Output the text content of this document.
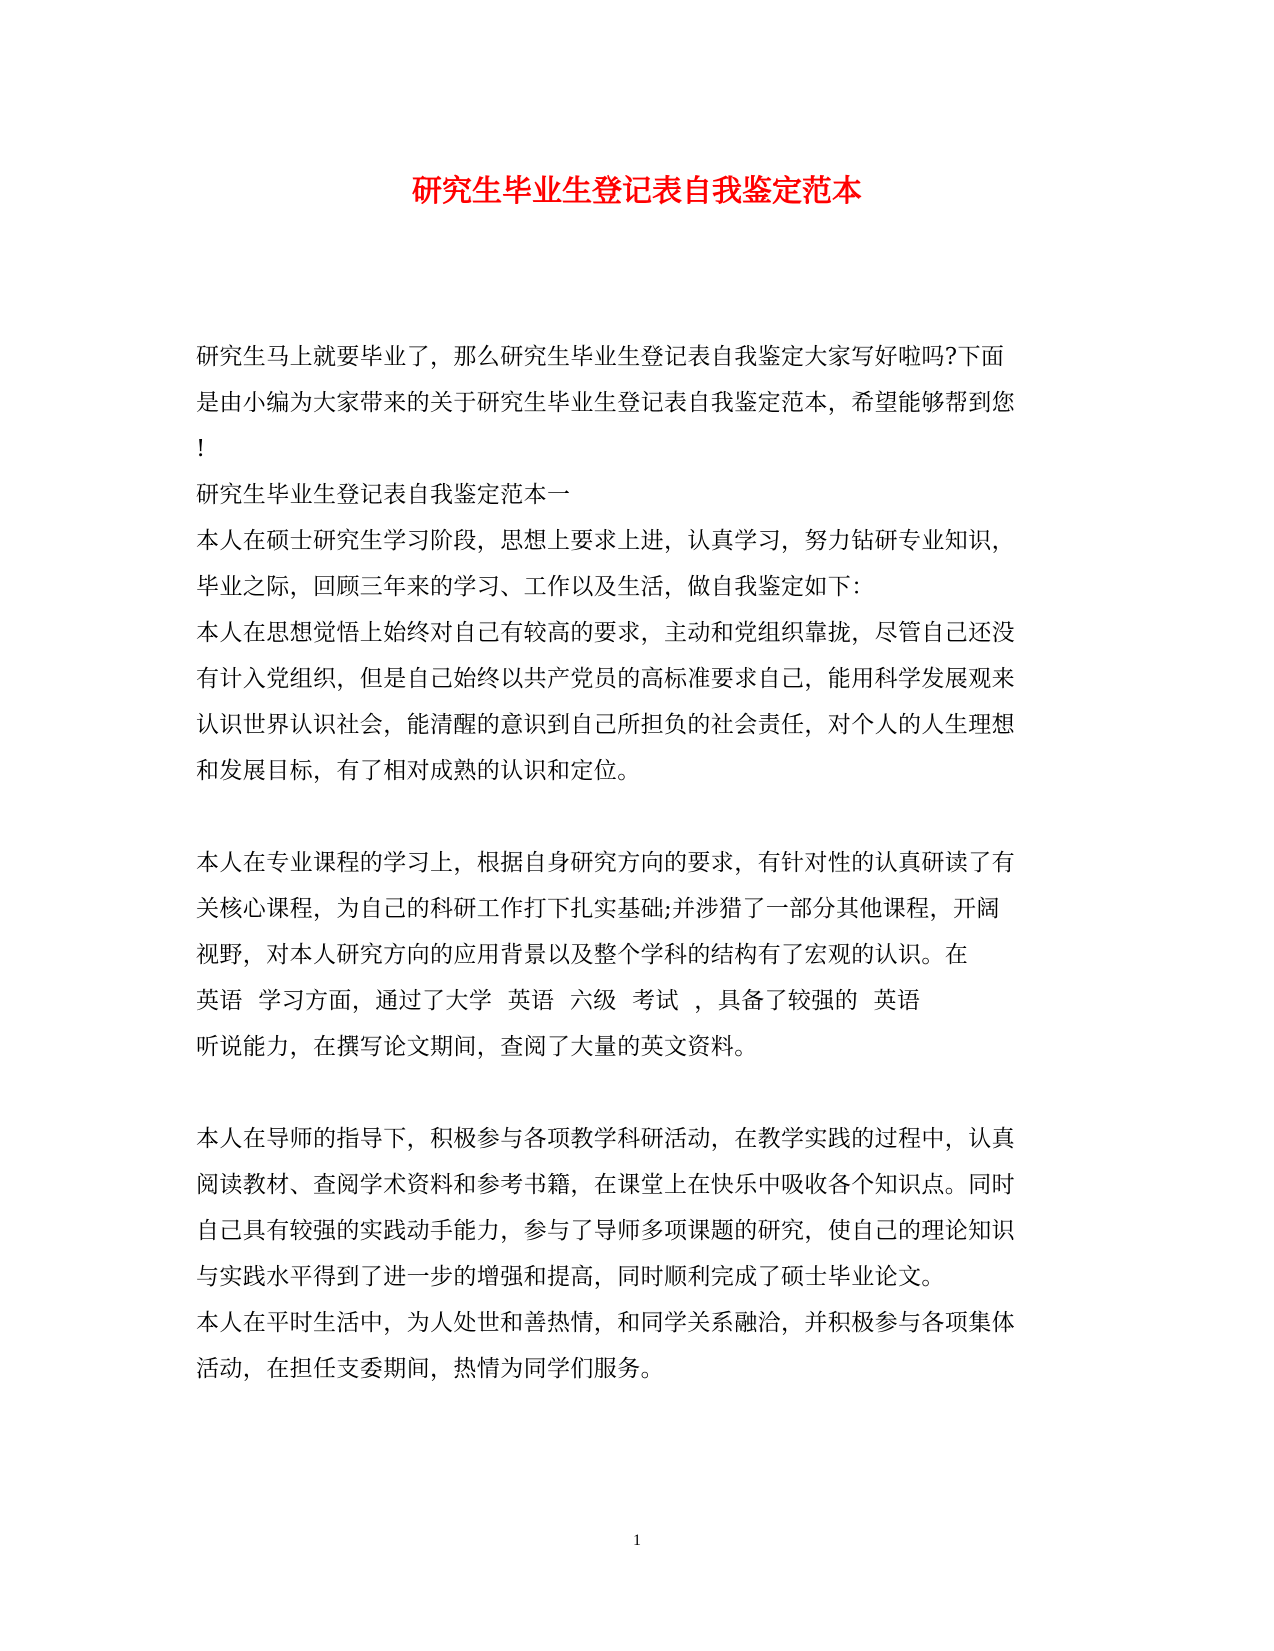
研究生毕业生登记表自我鉴定范本
研究生马上就要毕业了，那么研究生毕业生登记表自我鉴定大家写好啦吗?下面
是由小编为大家带来的关于研究生毕业生登记表自我鉴定范本，希望能够帮到您
!
研究生毕业生登记表自我鉴定范本一
本人在硕士研究生学习阶段，思想上要求上进，认真学习，努力钻研专业知识，
毕业之际，回顾三年来的学习、工作以及生活，做自我鉴定如下：
本人在思想觉悟上始终对自己有较高的要求，主动和党组织靠拢，尽管自己还没
有计入党组织，但是自己始终以共产党员的高标准要求自己，能用科学发展观来
认识世界认识社会，能清醒的意识到自己所担负的社会责任，对个人的人生理想
和发展目标，有了相对成熟的认识和定位。
本人在专业课程的学习上，根据自身研究方向的要求，有针对性的认真研读了有
关核心课程，为自己的科研工作打下扎实基础;并涉猎了一部分其他课程，开阔
视野，对本人研究方向的应用背景以及整个学科的结构有了宏观的认识。在
英语  学习方面，通过了大学  英语  六级  考试  ，具备了较强的  英语
听说能力，在撰写论文期间，查阅了大量的英文资料。
本人在导师的指导下，积极参与各项教学科研活动，在教学实践的过程中，认真
阅读教材、查阅学术资料和参考书籍，在课堂上在快乐中吸收各个知识点。同时
自己具有较强的实践动手能力，参与了导师多项课题的研究，使自己的理论知识
与实践水平得到了进一步的增强和提高，同时顺利完成了硕士毕业论文。
本人在平时生活中，为人处世和善热情，和同学关系融洽，并积极参与各项集体
活动，在担任支委期间，热情为同学们服务。
1
